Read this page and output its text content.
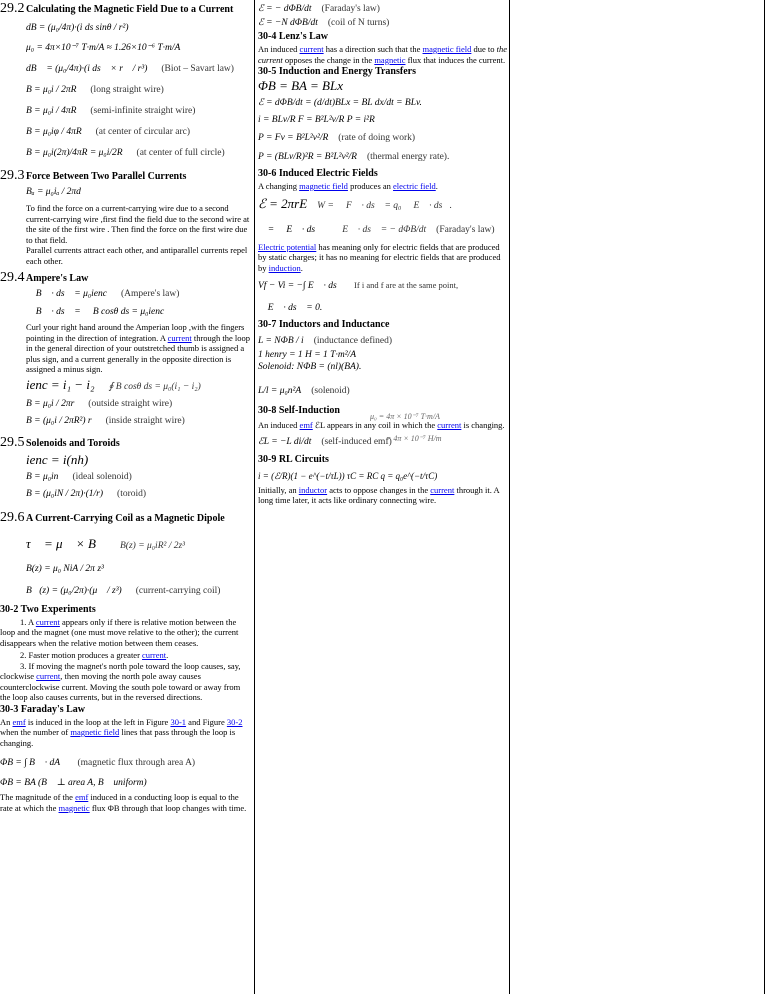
29.2 Calculating the Magnetic Field Due to a Current
dB = (μ₀/4π)·(i ds sinθ / r²)
μ₀ = 4π×10⁻⁷ T·m/A ≈ 1.26×10⁻⁶ T·m/A
dB⃗ = (μ₀/4π)·(i ds⃗ × r⃗ / r³) (Biot – Savart law)
B = μ₀i / 2πR (long straight wire)
B = μ₀i / 4πR (semi-infinite straight wire)
B = μ₀iφ / 4πR (at center of circular arc)
B = μ₀i(2π)/4πR = μ₀i/2R (at center of full circle)
29.3 Force Between Two Parallel Currents
Bₐ = μ₀iₐ / 2πd

To find the force on a current-carrying wire due to a second current-carrying wire ,first find the field due to the second wire at the site of the first wire . Then find the force on the first wire due to that field.

Parallel currents attract each other, and antiparallel currents repel each other.

29.4 Ampere's Law
∮ B⃗ · ds⃗ = μ₀ienc (Ampere's law)
∮ B⃗ · ds⃗ = ∮ B cosθ ds = μ₀ienc

Curl your right hand around the Amperian loop ,with the fingers pointing in the direction of integration. A current through the loop in the general direction of your outstretched thumb is assigned a plus sign, and a current generally in the opposite direction is assigned a minus sign.

ienc = i₁ − i₂ ∮ B cosθ ds = μ₀(i₁ − i₂)
B = μ₀i / 2πr (outside straight wire)
B = (μ₀i / 2πR²) r (inside straight wire)
29.5 Solenoids and Toroids
ienc = i(nh)
B = μ₀in (ideal solenoid)
B = (μ₀iN / 2π)·(1/r) (toroid)
29.6 A Current-Carrying Coil as a Magnetic Dipole
τ⃗ = μ⃗ × B⃗ B(z) = μ₀iR² / 2z³
B(z) = μ₀ NiA / 2π z³
B⃗(z) = (μ₀/2π)·(μ⃗ / z³) (current-carrying coil)
30-2 Two Experiments

1. A current appears only if there is relative motion between the loop and the magnet (one must move relative to the other); the current disappears when the relative motion between them ceases.

2. Faster motion produces a greater current.

3. If moving the magnet's north pole toward the loop causes, say, clockwise current, then moving the north pole away causes counterclockwise current. Moving the south pole toward or away from the loop also causes currents, but in the reversed directions.

30-3 Faraday's Law

An emf is induced in the loop at the left in Figure 30-1 and Figure 30-2 when the number of magnetic field lines that pass through the loop is changing.

ΦB = ∫ B⃗ · dA⃗ (magnetic flux through area A)
ΦB = BA (B⃗ ⊥ area A, B⃗ uniform)

The magnitude of the emf induced in a conducting loop is equal to the rate at which the magnetic flux ΦB through that loop changes with time.

ℰ = − dΦB/dt (Faraday's law)
ℰ = −N dΦB/dt (coil of N turns)
30-4 Lenz's Law

An induced current has a direction such that the magnetic field due to the current opposes the change in the magnetic flux that induces the current.

30-5 Induction and Energy Transfers
ΦB = BA = BLx
ℰ = dΦB/dt = (d/dt)BLx = BL dx/dt = BLv.
i = BLv/R F = B²L²v/R P = i²R
P = Fv = B²L²v²/R (rate of doing work)
P = (BLv/R)²R = B²L²v²/R (thermal energy rate).
30-6 Induced Electric Fields

A changing magnetic field produces an electric field.

ℰ = 2πrE W = ∮ F⃗ · ds⃗ = q₀ ∮ E⃗ · ds⃗.
ℰ = ∮ E⃗ · ds⃗ ∮ E⃗ · ds⃗ = − dΦB/dt (Faraday's law)

Electric potential has meaning only for electric fields that are produced by static charges; it has no meaning for electric fields that are produced by induction.

Vf − Vi = −∫ E⃗ · ds⃗ If i and f are at the same point,
∮ E⃗ · ds⃗ = 0.
30-7 Inductors and Inductance
L = NΦB / i (inductance defined)
1 henry = 1 H = 1 T·m²/A
Solenoid: NΦB = (nl)(BA).
μ₀ = 4π × 10⁻⁷ T·m/A
L/l = μ₀n²A (solenoid)
= 4π × 10⁻⁷ H/m
30-8 Self-Induction

An induced emf ℰL appears in any coil in which the current is changing.

ℰL = −L di/dt (self-induced emf)
30-9 RL Circuits
i = (ℰ/R)(1 − e^(−t/τL)) τC = RC q = q₀e^(−t/τC)

Initially, an inductor acts to oppose changes in the current through it. A long time later, it acts like ordinary connecting wire.
